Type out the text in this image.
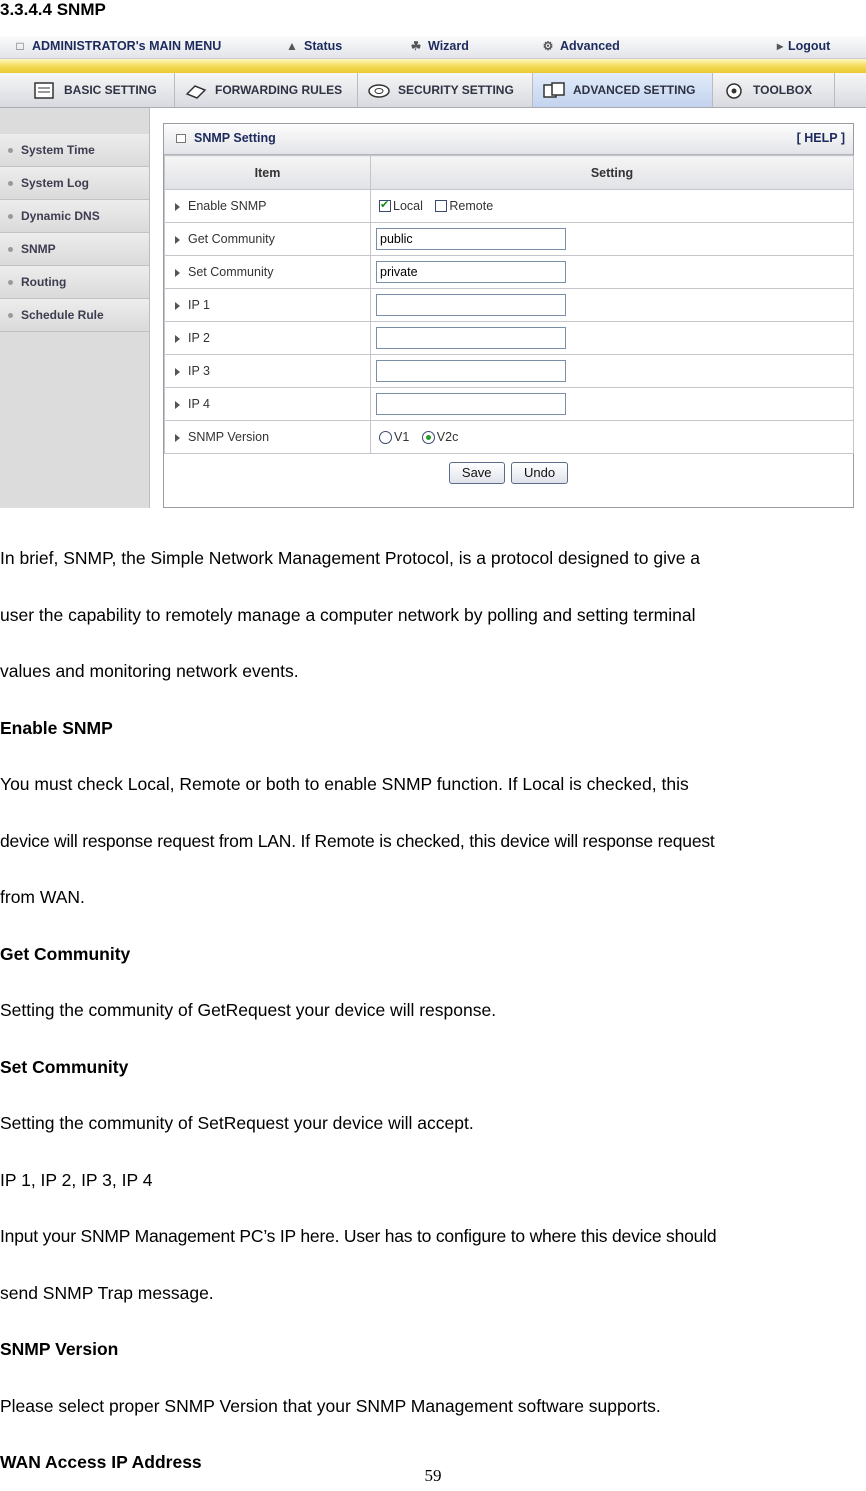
3.3.4.4 SNMP
□ ADMINISTRATOR's MAIN MENU	▲ Status	☘ Wizard	⚙ Advanced	▸ Logout
BASIC SETTING	FORWARDING RULES	SECURITY SETTING	ADVANCED SETTING	TOOLBOX
System Time
System Log
Dynamic DNS
SNMP
Routing
Schedule Rule
SNMP Setting	[ HELP ]
Item	Setting
Enable SNMP	✔Local Remote
Get Community	public
Set Community	private
IP 1	
IP 2	
IP 3	
IP 4	
SNMP Version	V1 V2c
Save Undo

In brief, SNMP, the Simple Network Management Protocol, is a protocol designed to give a

user the capability to remotely manage a computer network by polling and setting terminal

values and monitoring network events.

Enable SNMP

You must check Local, Remote or both to enable SNMP function. If Local is checked, this

device will response request from LAN. If Remote is checked, this device will response request

from WAN.

Get Community

Setting the community of GetRequest your device will response.

Set Community

Setting the community of SetRequest your device will accept.

IP 1, IP 2, IP 3, IP 4

Input your SNMP Management PC’s IP here. User has to configure to where this device should

send SNMP Trap message.

SNMP Version

Please select proper SNMP Version that your SNMP Management software supports.

WAN Access IP Address

59
